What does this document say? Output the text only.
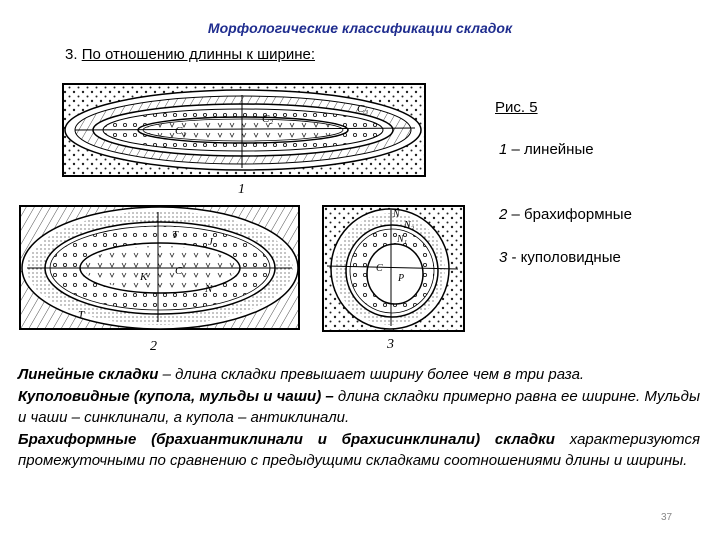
Морфологические классификации складок
3. По отношению длинны к ширине:
Рис. 5
1 – линейные
2 – брахиформные
3 - куполовидные
C₁
C₂
C₃
1
T
J
K	C
N
T
2
N
N₂
N₁
C
P
3

Линейные складки – длина складки превышает ширину более чем в три раза.

Куполовидные (купола, мульды и чаши) – длина складки примерно равна ее ширине. Мульды и чаши – синклинали, а купола – антиклинали.

Брахиформные (брахиантиклинали и брахисинклинали) складки характеризуются промежуточными по сравнению с предыдущими складками соотношениями длины и ширины.

37
